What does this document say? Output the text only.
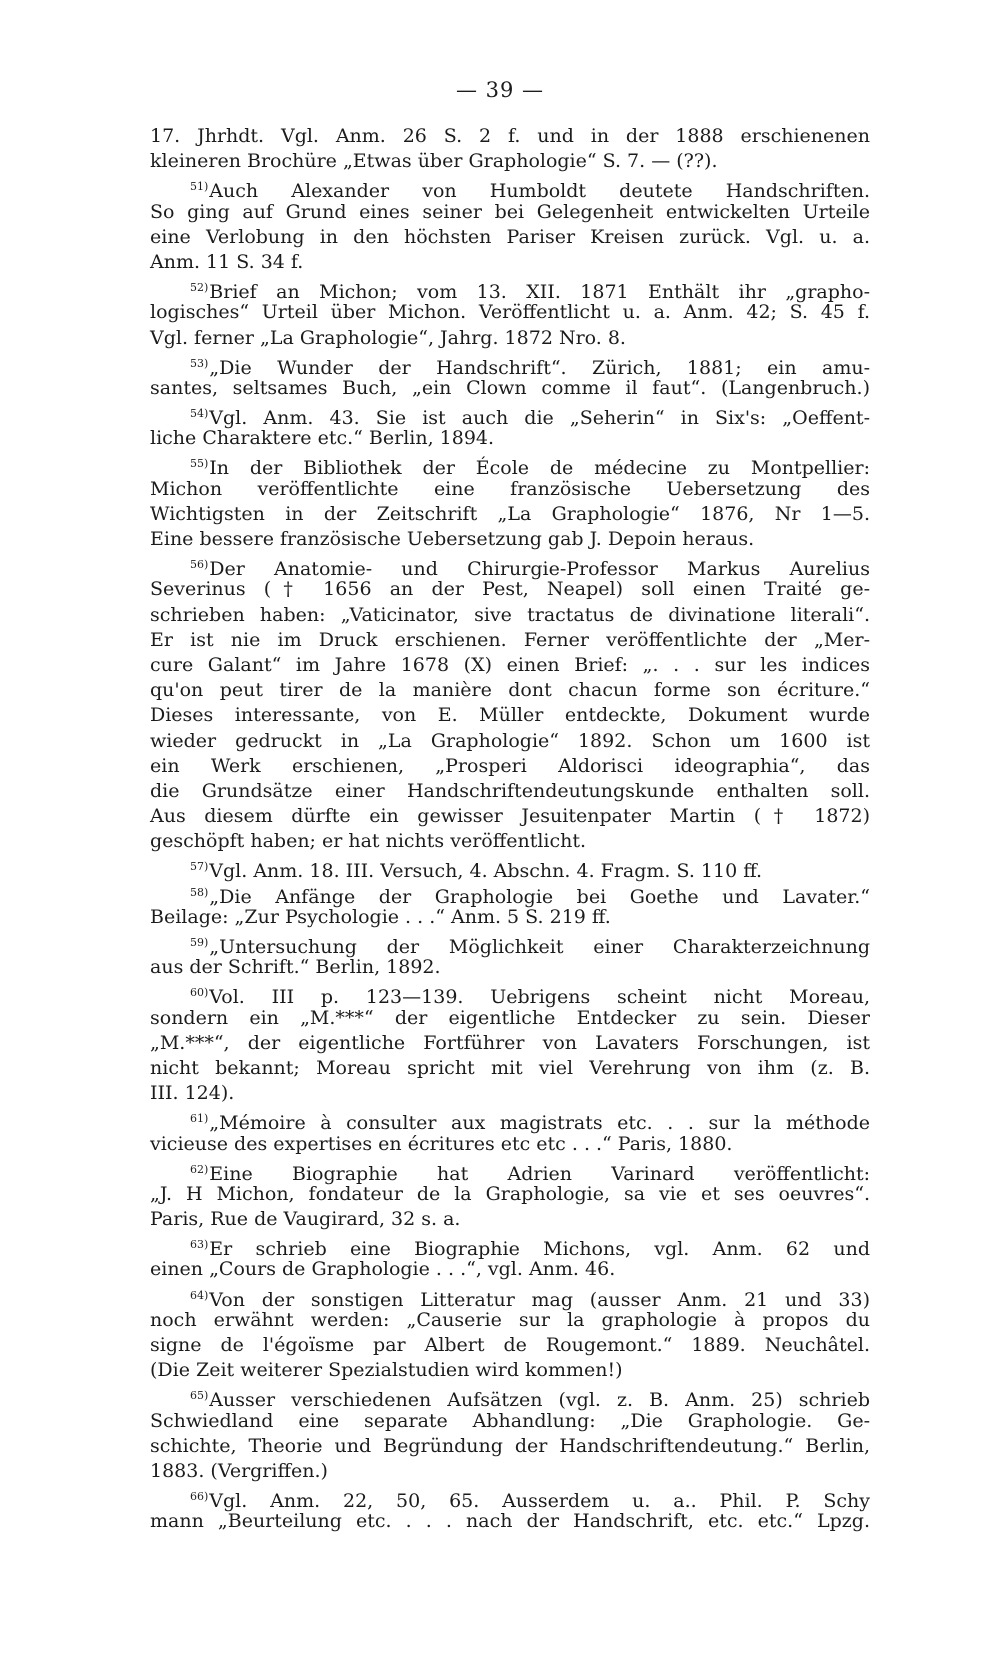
— 39 —
17. Jhrhdt. Vgl. Anm. 26 S. 2 f. und in der 1888 erschienenen
kleineren Brochüre „Etwas über Graphologie“ S. 7. — (??).
$^{51)}$Auch Alexander von Humboldt deutete Handschriften.
So ging auf Grund eines seiner bei Gelegenheit entwickelten Urteile
eine Verlobung in den höchsten Pariser Kreisen zurück. Vgl. u. a.
Anm. 11 S. 34 f.
$^{52)}$Brief an Michon; vom 13. XII. 1871 Enthält ihr „grapho-
logisches“ Urteil über Michon. Veröffentlicht u. a. Anm. 42; S. 45 f.
Vgl. ferner „La Graphologie“, Jahrg. 1872 Nro. 8.
$^{53)}$„Die Wunder der Handschrift“. Zürich, 1881; ein amu-
santes, seltsames Buch, „ein Clown comme il faut“. (Langenbruch.)
$^{54)}$Vgl. Anm. 43. Sie ist auch die „Seherin“ in Six's: „Oeffent-
liche Charaktere etc.“ Berlin, 1894.
$^{55)}$In der Bibliothek der École de médecine zu Montpellier:
Michon veröffentlichte eine französische Uebersetzung des
Wichtigsten in der Zeitschrift „La Graphologie“ 1876, Nr 1—5.
Eine bessere französische Uebersetzung gab J. Depoin heraus.
$^{56)}$Der Anatomie- und Chirurgie-Professor Markus Aurelius
Severinus († 1656 an der Pest, Neapel) soll einen Traité ge-
schrieben haben: „Vaticinator, sive tractatus de divinatione literali“.
Er ist nie im Druck erschienen. Ferner veröffentlichte der „Mer-
cure Galant“ im Jahre 1678 (X) einen Brief: „. . . sur les indices
qu'on peut tirer de la manière dont chacun forme son écriture.“
Dieses interessante, von E. Müller entdeckte, Dokument wurde
wieder gedruckt in „La Graphologie“ 1892. Schon um 1600 ist
ein Werk erschienen, „Prosperi Aldorisci ideographia“, das
die Grundsätze einer Handschriftendeutungskunde enthalten soll.
Aus diesem dürfte ein gewisser Jesuitenpater Martin († 1872)
geschöpft haben; er hat nichts veröffentlicht.
$^{57)}$Vgl. Anm. 18. III. Versuch, 4. Abschn. 4. Fragm. S. 110 ff.
$^{58)}$„Die Anfänge der Graphologie bei Goethe und Lavater.“
Beilage: „Zur Psychologie . . .“ Anm. 5 S. 219 ff.
$^{59)}$„Untersuchung der Möglichkeit einer Charakterzeichnung
aus der Schrift.“ Berlin, 1892.
$^{60)}$Vol. III p. 123—139. Uebrigens scheint nicht Moreau,
sondern ein „M.***“ der eigentliche Entdecker zu sein. Dieser
„M.***“, der eigentliche Fortführer von Lavaters Forschungen, ist
nicht bekannt; Moreau spricht mit viel Verehrung von ihm (z. B.
III. 124).
$^{61)}$„Mémoire à consulter aux magistrats etc. . . sur la méthode
vicieuse des expertises en écritures etc etc . . .“ Paris, 1880.
$^{62)}$Eine Biographie hat Adrien Varinard veröffentlicht:
„J. H Michon, fondateur de la Graphologie, sa vie et ses oeuvres“.
Paris, Rue de Vaugirard, 32 s. a.
$^{63)}$Er schrieb eine Biographie Michons, vgl. Anm. 62 und
einen „Cours de Graphologie . . .“, vgl. Anm. 46.
$^{64)}$Von der sonstigen Litteratur mag (ausser Anm. 21 und 33)
noch erwähnt werden: „Causerie sur la graphologie à propos du
signe de l'égoïsme par Albert de Rougemont.“ 1889. Neuchâtel.
(Die Zeit weiterer Spezialstudien wird kommen!)
$^{65)}$Ausser verschiedenen Aufsätzen (vgl. z. B. Anm. 25) schrieb
Schwiedland eine separate Abhandlung: „Die Graphologie. Ge-
schichte, Theorie und Begründung der Handschriftendeutung.“ Berlin,
1883. (Vergriffen.)
$^{66)}$Vgl. Anm. 22, 50, 65. Ausserdem u. a.. Phil. P. Schy
mann „Beurteilung etc. . . . nach der Handschrift, etc. etc.“ Lpzg.
